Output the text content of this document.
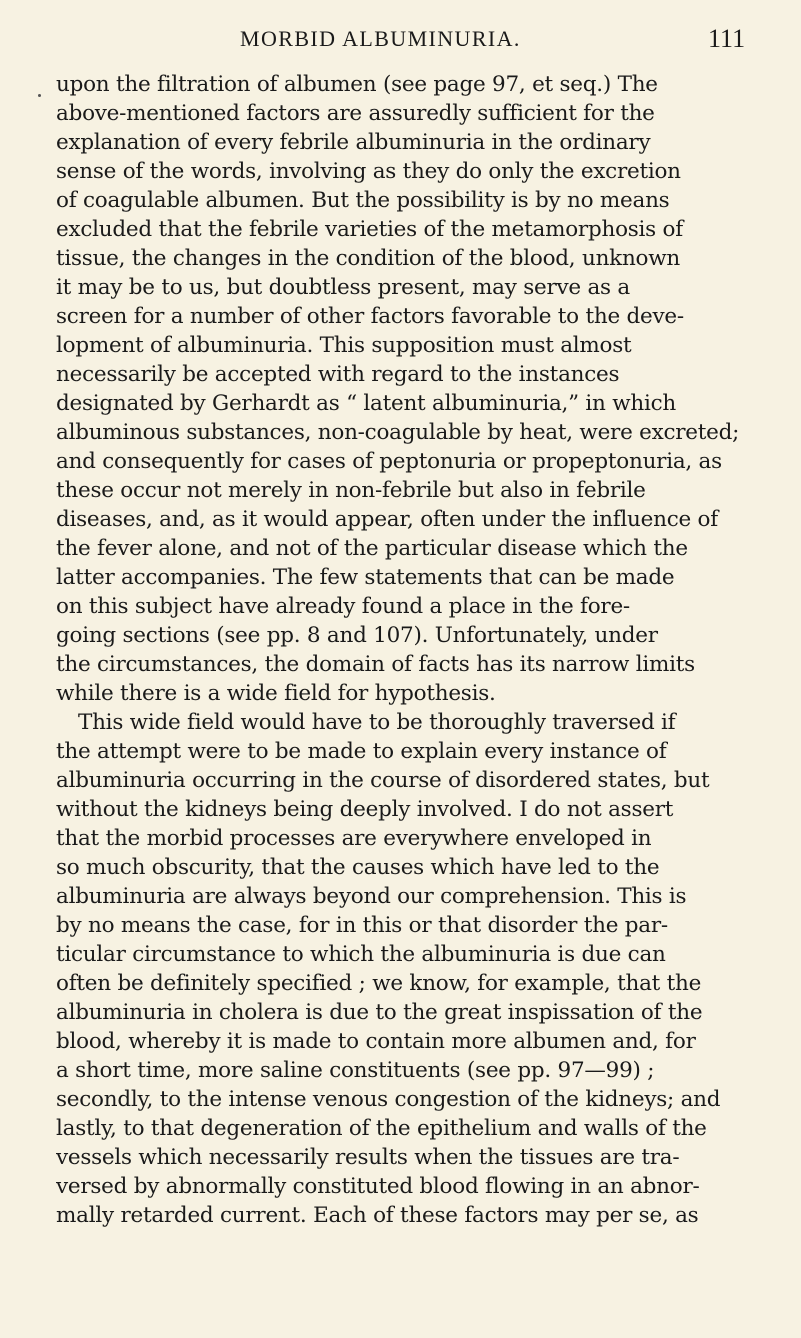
MORBID ALBUMINURIA.	111
upon the filtration of albumen (see page 97, et seq.) The
above-mentioned factors are assuredly sufficient for the
explanation of every febrile albuminuria in the ordinary
sense of the words, involving as they do only the excretion
of coagulable albumen. But the possibility is by no means
excluded that the febrile varieties of the metamorphosis of
tissue, the changes in the condition of the blood, unknown
it may be to us, but doubtless present, may serve as a
screen for a number of other factors favorable to the deve-
lopment of albuminuria. This supposition must almost
necessarily be accepted with regard to the instances
designated by Gerhardt as “ latent albuminuria,” in which
albuminous substances, non-coagulable by heat, were excreted;
and consequently for cases of peptonuria or propeptonuria, as
these occur not merely in non-febrile but also in febrile
diseases, and, as it would appear, often under the influence of
the fever alone, and not of the particular disease which the
latter accompanies. The few statements that can be made
on this subject have already found a place in the fore-
going sections (see pp. 8 and 107). Unfortunately, under
the circumstances, the domain of facts has its narrow limits
while there is a wide field for hypothesis.
This wide field would have to be thoroughly traversed if
the attempt were to be made to explain every instance of
albuminuria occurring in the course of disordered states, but
without the kidneys being deeply involved. I do not assert
that the morbid processes are everywhere enveloped in
so much obscurity, that the causes which have led to the
albuminuria are always beyond our comprehension. This is
by no means the case, for in this or that disorder the par-
ticular circumstance to which the albuminuria is due can
often be definitely specified ; we know, for example, that the
albuminuria in cholera is due to the great inspissation of the
blood, whereby it is made to contain more albumen and, for
a short time, more saline constituents (see pp. 97—99) ;
secondly, to the intense venous congestion of the kidneys; and
lastly, to that degeneration of the epithelium and walls of the
vessels which necessarily results when the tissues are tra-
versed by abnormally constituted blood flowing in an abnor-
mally retarded current. Each of these factors may per se, as
